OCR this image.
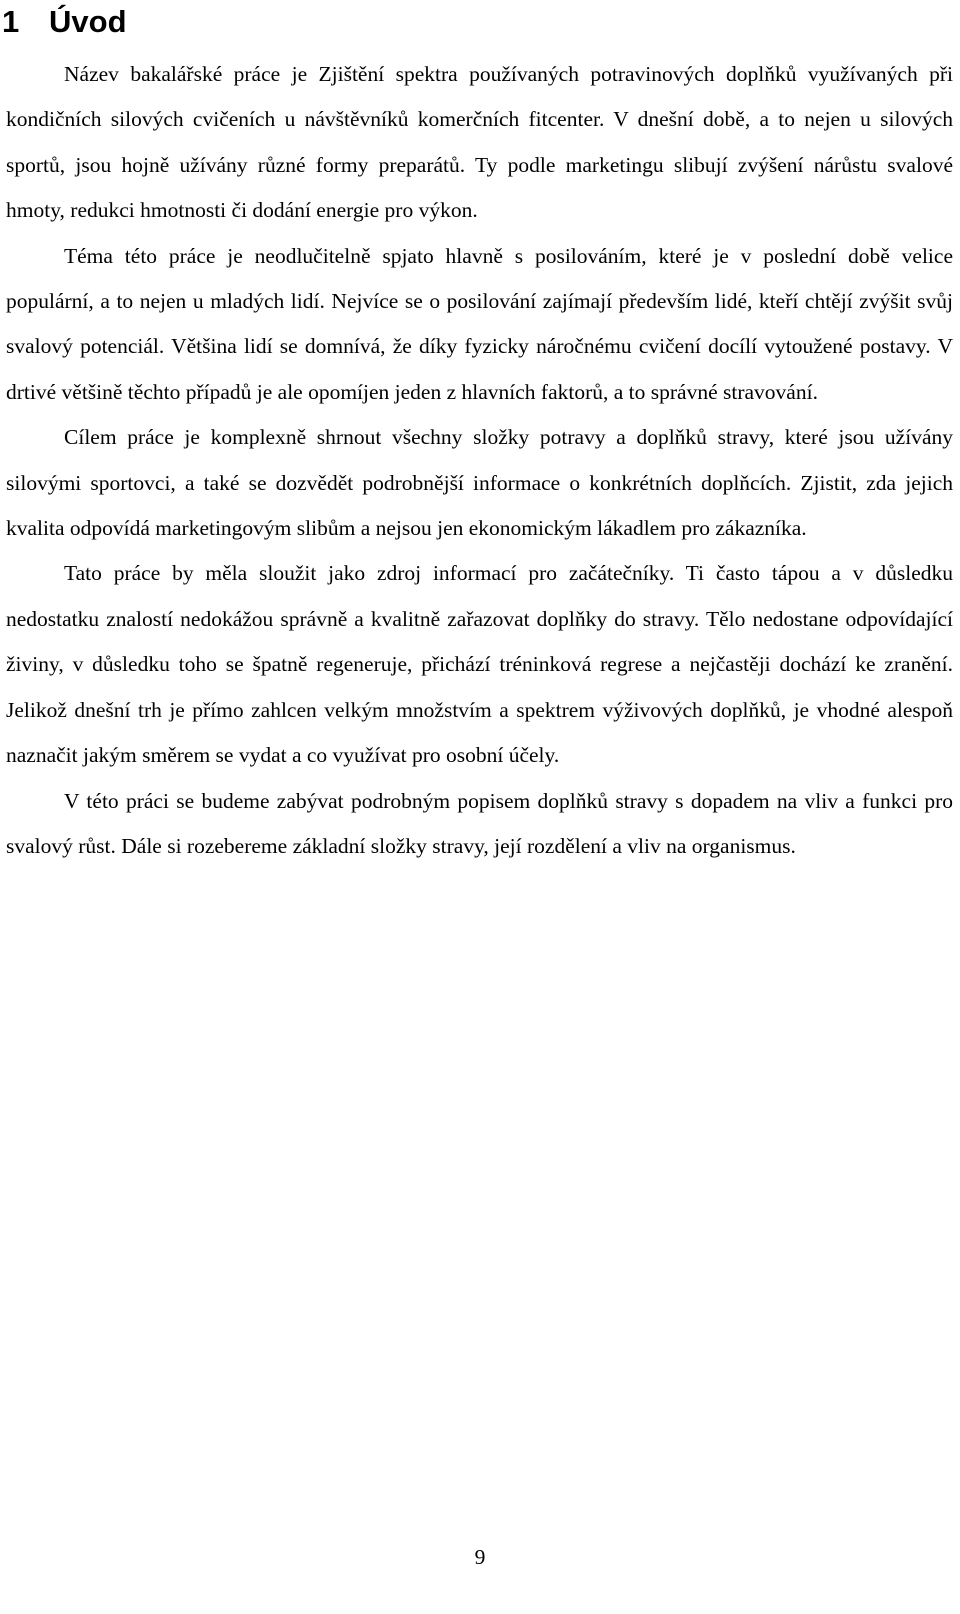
1 Úvod

Název bakalářské práce je Zjištění spektra používaných potravinových doplňků využívaných při kondičních silových cvičeních u návštěvníků komerčních fitcenter. V dnešní době, a to nejen u silových sportů, jsou hojně užívány různé formy preparátů. Ty podle marketingu slibují zvýšení nárůstu svalové hmoty, redukci hmotnosti či dodání energie pro výkon.

Téma této práce je neodlučitelně spjato hlavně s posilováním, které je v poslední době velice populární, a to nejen u mladých lidí. Nejvíce se o posilování zajímají především lidé, kteří chtějí zvýšit svůj svalový potenciál. Většina lidí se domnívá, že díky fyzicky náročnému cvičení docílí vytoužené postavy. V drtivé většině těchto případů je ale opomíjen jeden z hlavních faktorů, a to správné stravování.

Cílem práce je komplexně shrnout všechny složky potravy a doplňků stravy, které jsou užívány silovými sportovci, a také se dozvědět podrobnější informace o konkrétních doplňcích. Zjistit, zda jejich kvalita odpovídá marketingovým slibům a nejsou jen ekonomickým lákadlem pro zákazníka.

Tato práce by měla sloužit jako zdroj informací pro začátečníky. Ti často tápou a v důsledku nedostatku znalostí nedokážou správně a kvalitně zařazovat doplňky do stravy. Tělo nedostane odpovídající živiny, v důsledku toho se špatně regeneruje, přichází tréninková regrese a nejčastěji dochází ke zranění. Jelikož dnešní trh je přímo zahlcen velkým množstvím a spektrem výživových doplňků, je vhodné alespoň naznačit jakým směrem se vydat a co využívat pro osobní účely.

V této práci se budeme zabývat podrobným popisem doplňků stravy s dopadem na vliv a funkci pro svalový růst. Dále si rozebereme základní složky stravy, její rozdělení a vliv na organismus.

9
